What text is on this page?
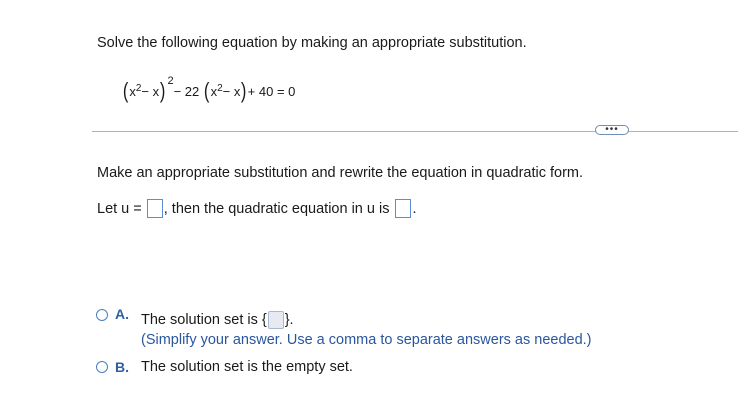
Solve the following equation by making an appropriate substitution.
( $x^2 - x$ ) 2
− 22 ( $x^2 - x$ ) + 40 = 0
•••
Make an appropriate substitution and rewrite the equation in quadratic form.
Let u = , then the quadratic equation in u is .
A. The solution set is { }.
(Simplify your answer. Use a comma to separate answers as needed.)
B. The solution set is the empty set.
